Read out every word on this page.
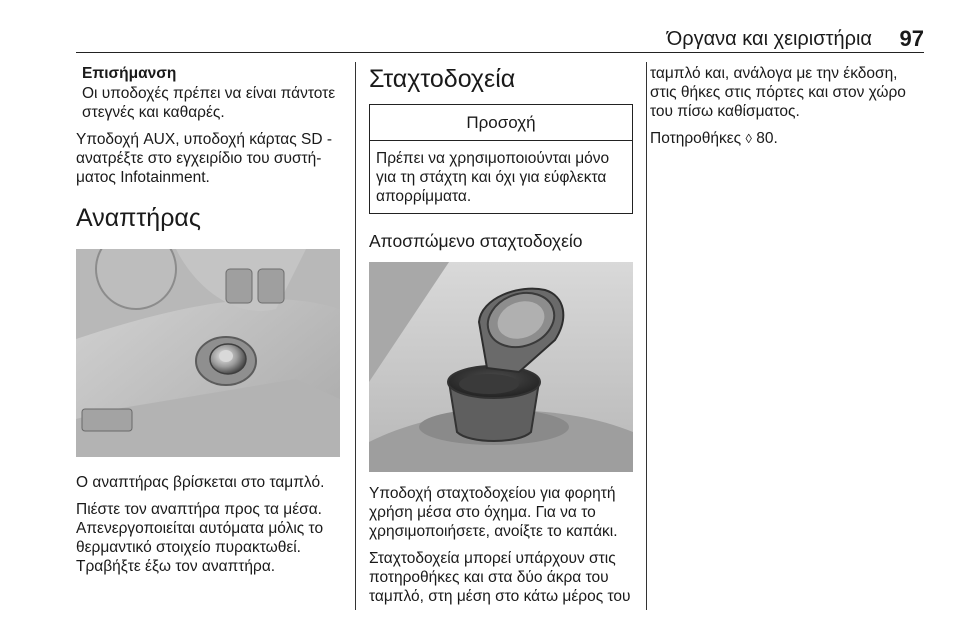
Όργανα και χειριστήρια 97
Επισήμανση
Οι υποδοχές πρέπει να είναι πάντοτε στεγνές και καθαρές.

Υποδοχή AUX, υποδοχή κάρτας SD - ανατρέξτε στο εγχειρίδιο του συστήματος Infotainment.

Αναπτήρας

Ο αναπτήρας βρίσκεται στο ταμπλό.

Πιέστε τον αναπτήρα προς τα μέσα. Απενεργοποιείται αυτόματα μόλις το θερμαντικό στοιχείο πυρακτωθεί. Τραβήξτε έξω τον αναπτήρα.

Σταχτοδοχεία
Προσοχή
Πρέπει να χρησιμοποιούνται μόνο για τη στάχτη και όχι για εύφλεκτα απορρίμματα.
Αποσπώμενο σταχτοδοχείο

Υποδοχή σταχτοδοχείου για φορητή χρήση μέσα στο όχημα. Για να το χρησιμοποιήσετε, ανοίξτε το καπάκι.

Σταχτοδοχεία μπορεί υπάρχουν στις ποτηροθήκες και στα δύο άκρα του ταμπλό, στη μέση στο κάτω μέρος του

ταμπλό και, ανάλογα με την έκδοση, στις θήκες στις πόρτες και στον χώρο του πίσω καθίσματος.

Ποτηροθήκες ◊ 80.
